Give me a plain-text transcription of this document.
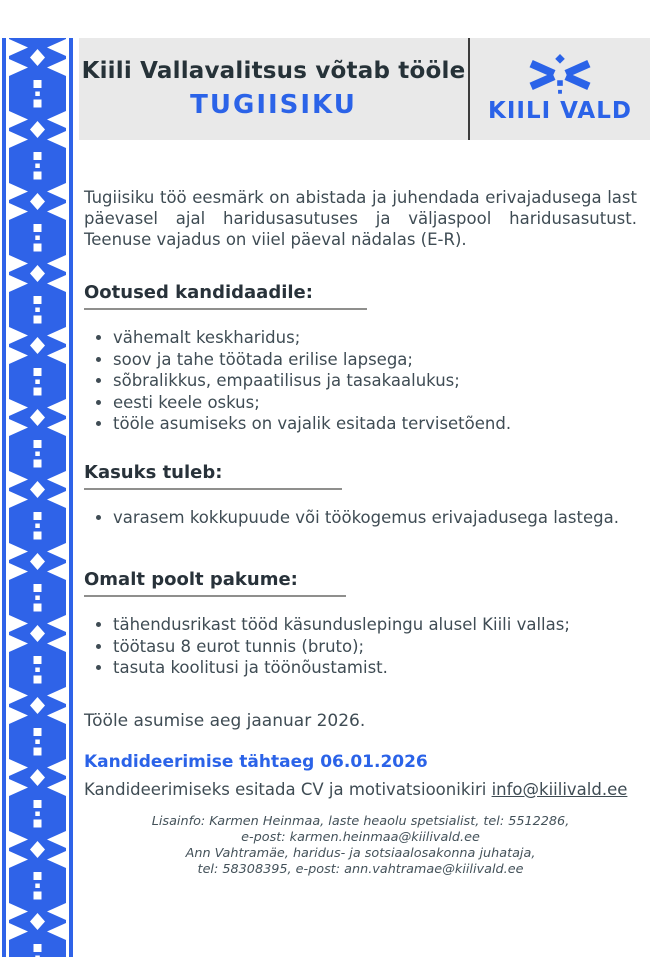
Kiili Vallavalitsus võtab tööle
TUGIISIKU	KIILI VALD

Tugiisiku töö eesmärk on abistada ja juhendada erivajadusega last päevasel ajal haridusasutuses ja väljaspool haridusasutust. Teenuse vajadus on viiel päeval nädalas (E-R).

Ootused kandidaadile:
• vähemalt keskharidus;
• soov ja tahe töötada erilise lapsega;
• sõbralikkus, empaatilisus ja tasakaalukus;
• eesti keele oskus;
• tööle asumiseks on vajalik esitada tervisetõend.
Kasuks tuleb:
• varasem kokkupuude või töökogemus erivajadusega lastega.
Omalt poolt pakume:
• tähendusrikast tööd käsunduslepingu alusel Kiili vallas;
• töötasu 8 eurot tunnis (bruto);
• tasuta koolitusi ja töönõustamist.
Tööle asumise aeg jaanuar 2026.
Kandideerimise tähtaeg 06.01.2026
Kandideerimiseks esitada CV ja motivatsioonikiri info@kiilivald.ee
Lisainfo: Karmen Heinmaa, laste heaolu spetsialist, tel: 5512286,
e-post: karmen.heinmaa@kiilivald.ee
Ann Vahtramäe, haridus- ja sotsiaalosakonna juhataja,
tel: 58308395, e-post: ann.vahtramae@kiilivald.ee
